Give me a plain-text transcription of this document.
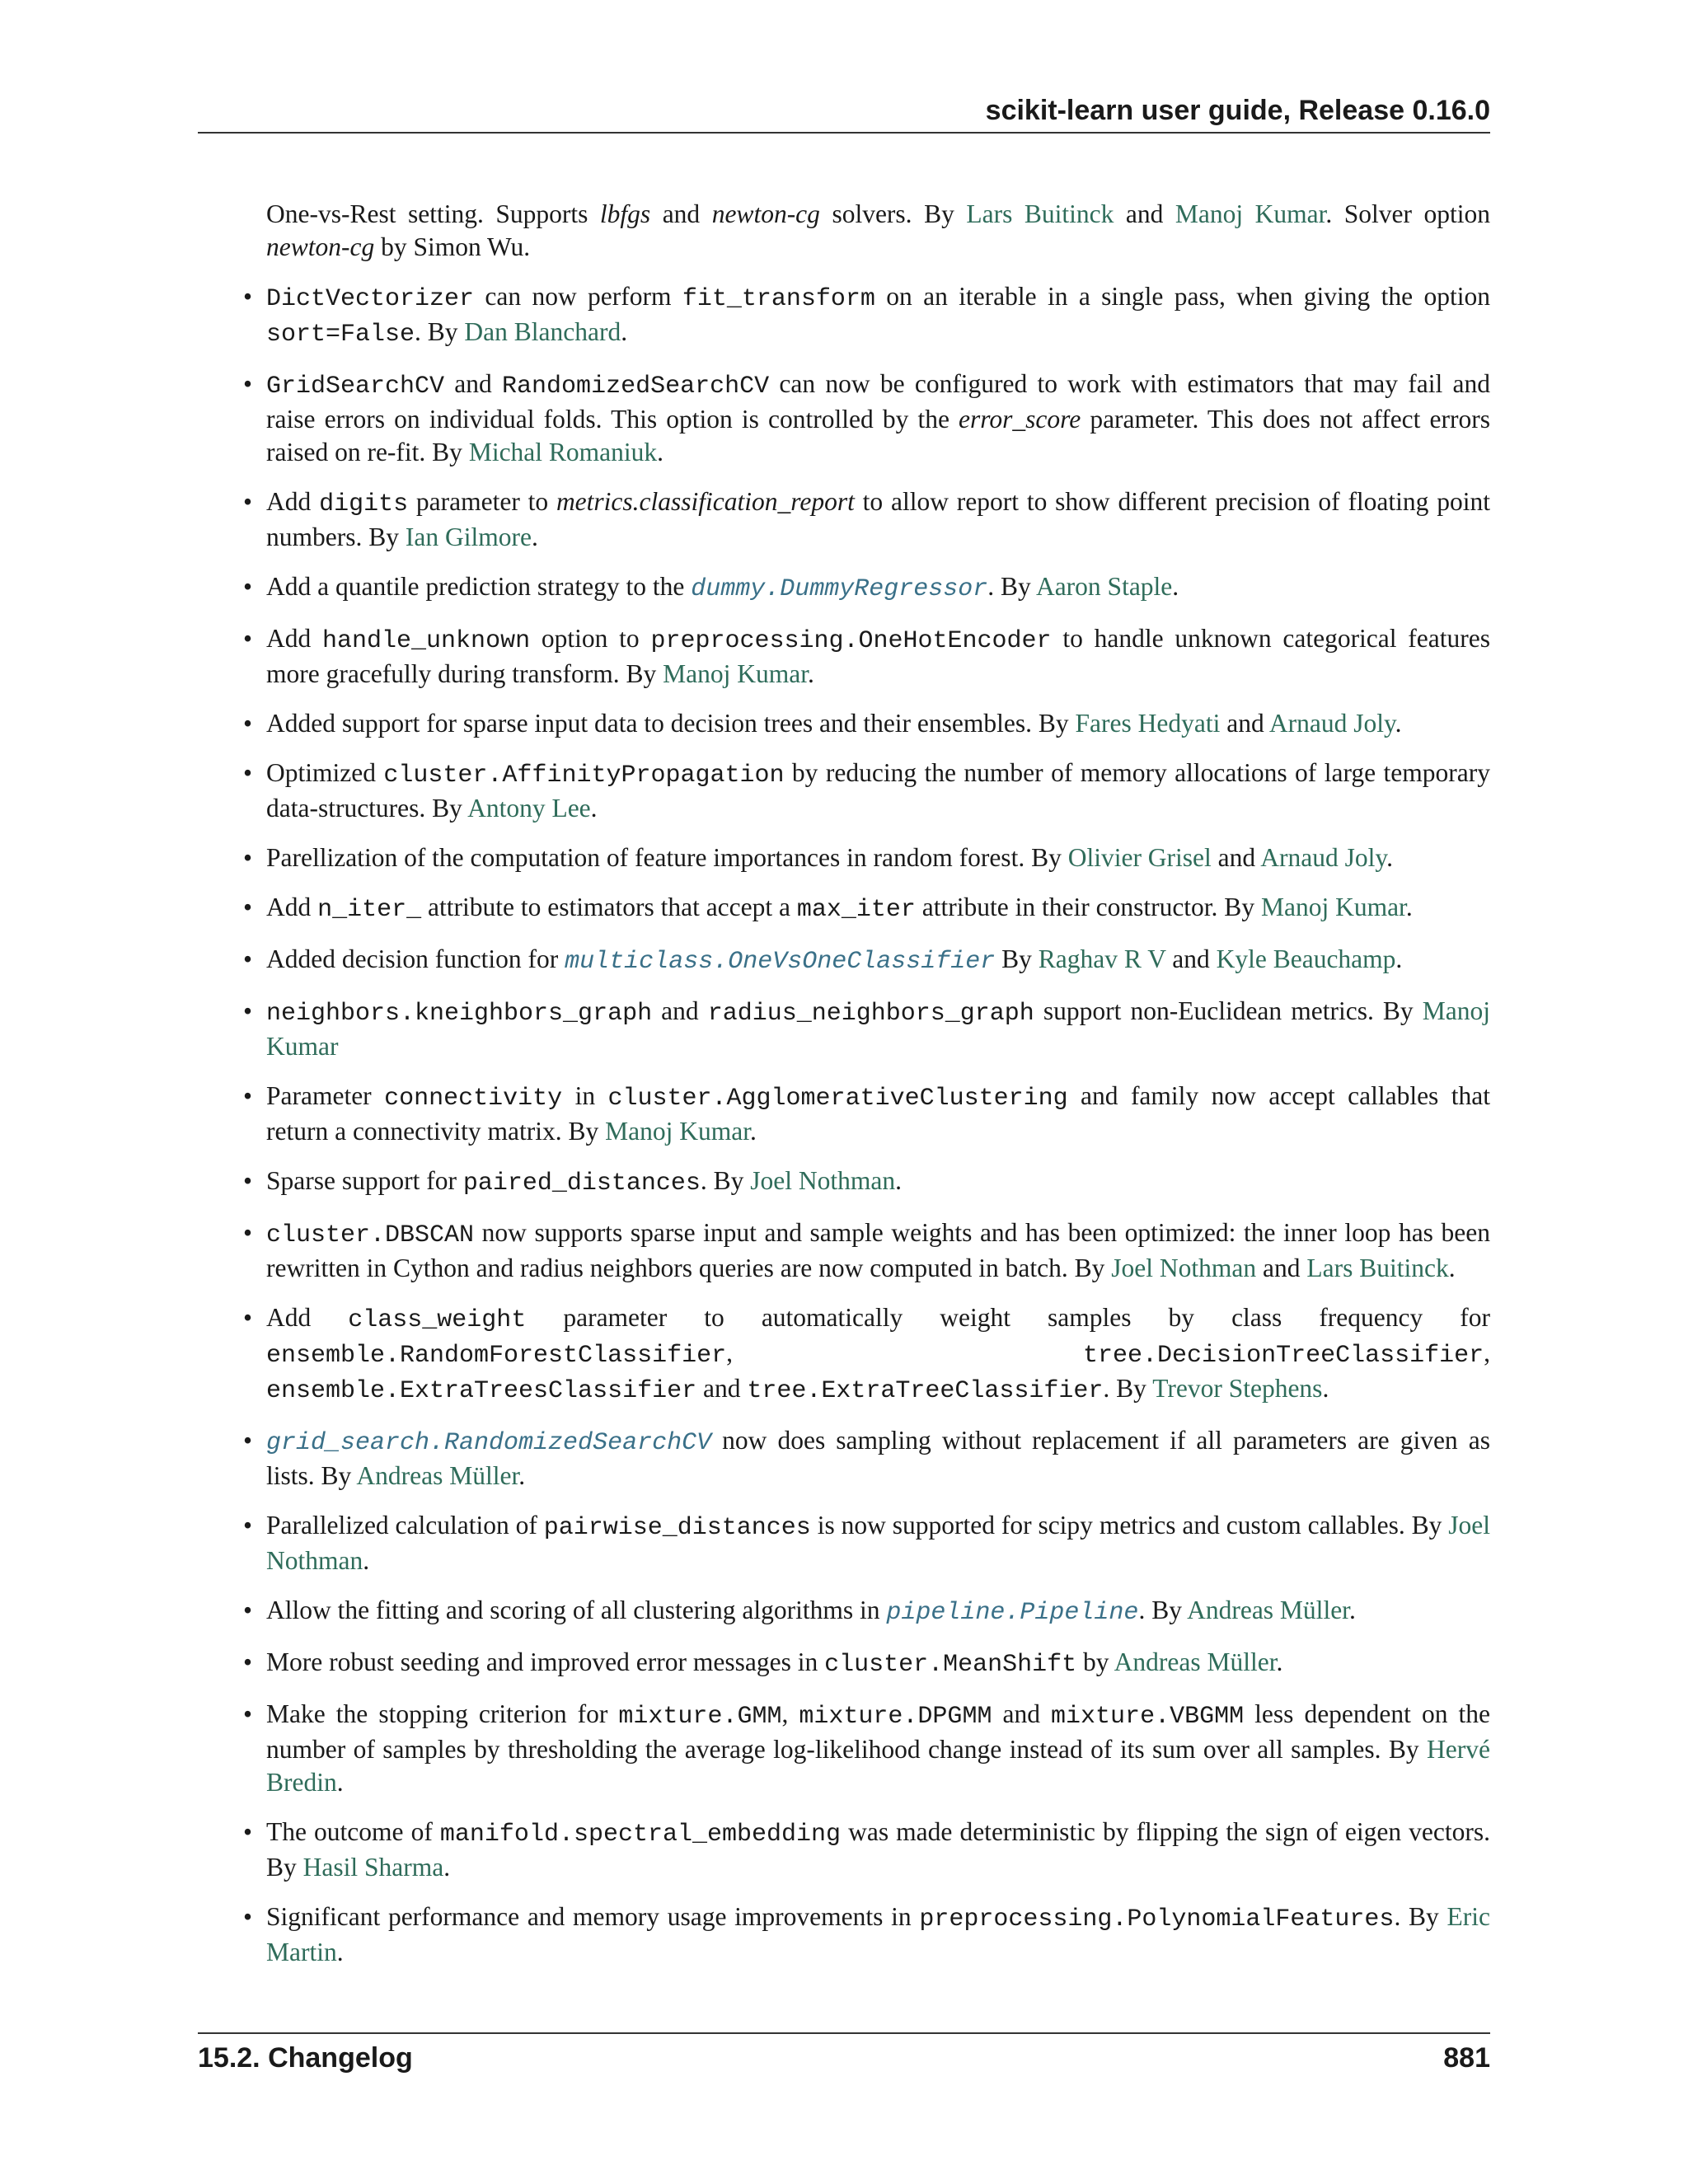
scikit-learn user guide, Release 0.16.0

One-vs-Rest setting. Supports lbfgs and newton-cg solvers. By Lars Buitinck and Manoj Kumar. Solver option newton-cg by Simon Wu.

• DictVectorizer can now perform fit_transform on an iterable in a single pass, when giving the option sort=False. By Dan Blanchard.
• GridSearchCV and RandomizedSearchCV can now be configured to work with estimators that may fail and raise errors on individual folds. This option is controlled by the error_score parameter. This does not affect errors raised on re-fit. By Michal Romaniuk.
• Add digits parameter to metrics.classification_report to allow report to show different precision of floating point numbers. By Ian Gilmore.
• Add a quantile prediction strategy to the dummy.DummyRegressor. By Aaron Staple.
• Add handle_unknown option to preprocessing.OneHotEncoder to handle unknown categorical features more gracefully during transform. By Manoj Kumar.
• Added support for sparse input data to decision trees and their ensembles. By Fares Hedyati and Arnaud Joly.
• Optimized cluster.AffinityPropagation by reducing the number of memory allocations of large temporary data-structures. By Antony Lee.
• Parellization of the computation of feature importances in random forest. By Olivier Grisel and Arnaud Joly.
• Add n_iter_ attribute to estimators that accept a max_iter attribute in their constructor. By Manoj Kumar.
• Added decision function for multiclass.OneVsOneClassifier By Raghav R V and Kyle Beauchamp.
• neighbors.kneighbors_graph and radius_neighbors_graph support non-Euclidean metrics. By Manoj Kumar
• Parameter connectivity in cluster.AgglomerativeClustering and family now accept callables that return a connectivity matrix. By Manoj Kumar.
• Sparse support for paired_distances. By Joel Nothman.
• cluster.DBSCAN now supports sparse input and sample weights and has been optimized: the inner loop has been rewritten in Cython and radius neighbors queries are now computed in batch. By Joel Nothman and Lars Buitinck.
• Add class_weight parameter to automatically weight samples by class frequency for ensemble.RandomForestClassifier, tree.DecisionTreeClassifier, ensemble.ExtraTreesClassifier and tree.ExtraTreeClassifier. By Trevor Stephens.
• grid_search.RandomizedSearchCV now does sampling without replacement if all parameters are given as lists. By Andreas Müller.
• Parallelized calculation of pairwise_distances is now supported for scipy metrics and custom callables. By Joel Nothman.
• Allow the fitting and scoring of all clustering algorithms in pipeline.Pipeline. By Andreas Müller.
• More robust seeding and improved error messages in cluster.MeanShift by Andreas Müller.
• Make the stopping criterion for mixture.GMM, mixture.DPGMM and mixture.VBGMM less dependent on the number of samples by thresholding the average log-likelihood change instead of its sum over all samples. By Hervé Bredin.
• The outcome of manifold.spectral_embedding was made deterministic by flipping the sign of eigen vectors. By Hasil Sharma.
• Significant performance and memory usage improvements in preprocessing.PolynomialFeatures. By Eric Martin.
15.2. Changelog	881
